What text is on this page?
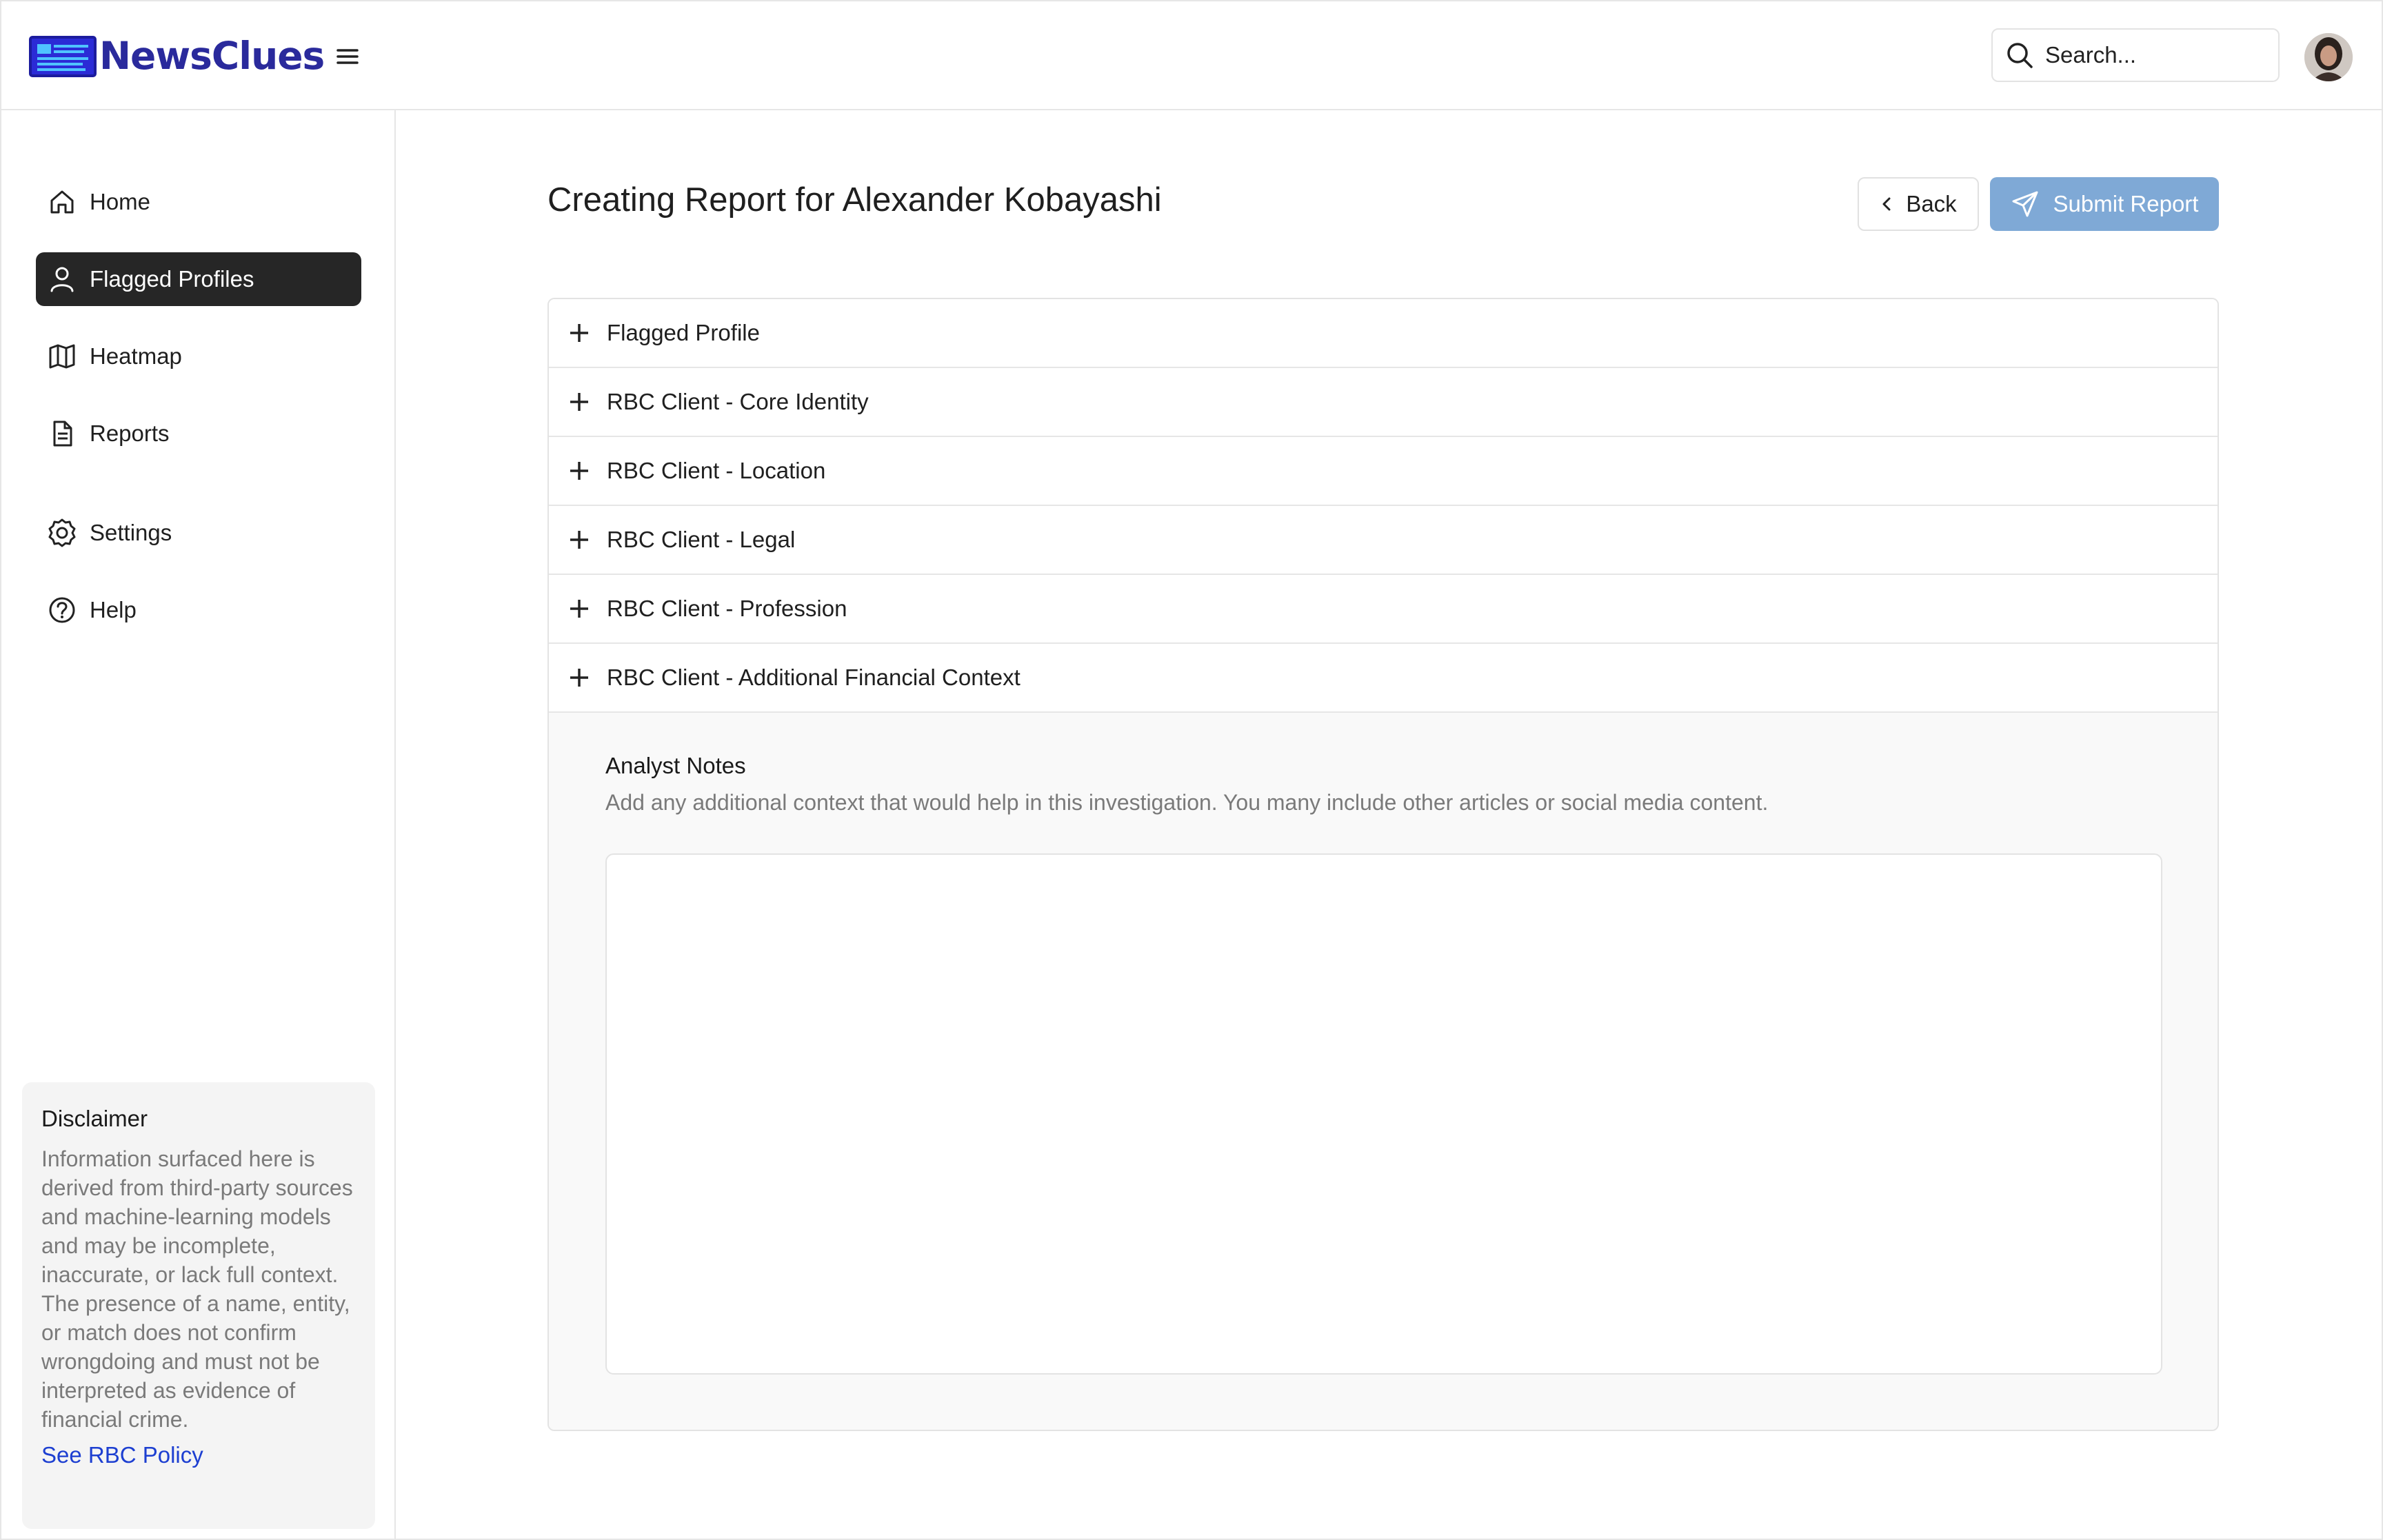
NewsClues
Search...
Home
Flagged Profiles
Heatmap
Reports
Settings
Help
Disclaimer

Information surfaced here is derived from third-party sources and machine-learning models and may be incomplete, inaccurate, or lack full context. The presence of a name, entity, or match does not confirm wrongdoing and must not be interpreted as evidence of financial crime.

See RBC Policy
Creating Report for Alexander Kobayashi	Back	Submit Report
Flagged Profile
RBC Client - Core Identity
RBC Client - Location
RBC Client - Legal
RBC Client - Profession
RBC Client - Additional Financial Context
Analyst Notes

Add any additional context that would help in this investigation. You many include other articles or social media content.
